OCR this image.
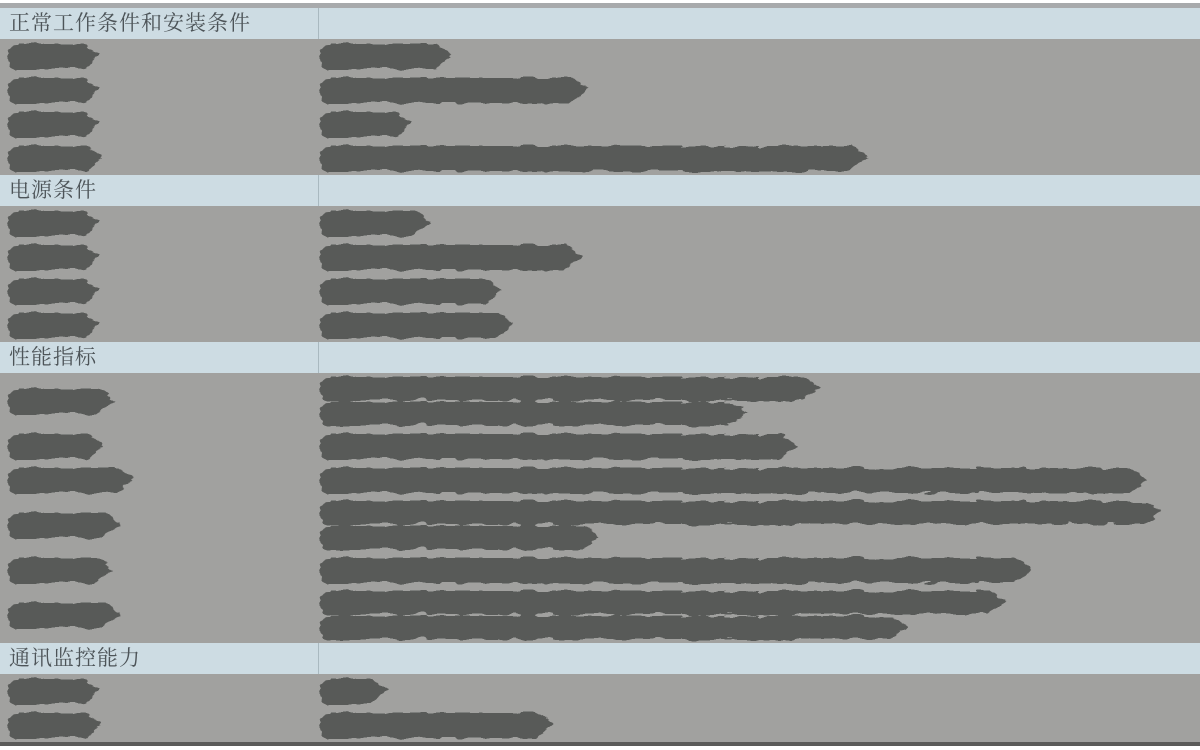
正常工作条件和安装条件
电源条件
性能指标
通讯监控能力
